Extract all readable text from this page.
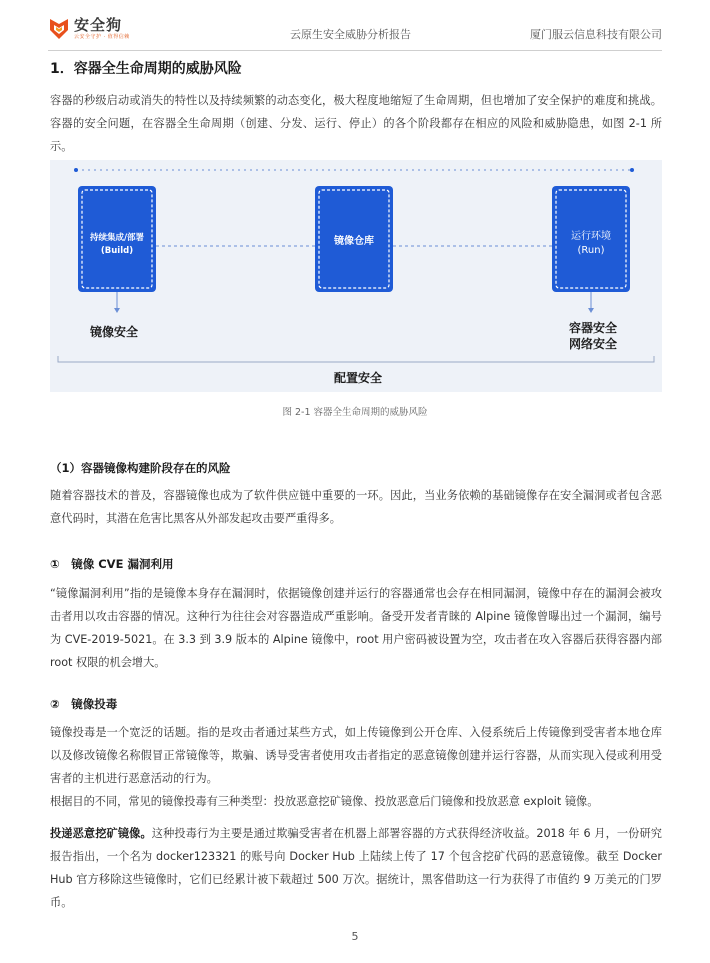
安全狗
云安全守护 · 值得信赖	云原生安全威胁分析报告	厦门服云信息科技有限公司
1．容器全生命周期的威胁风险
容器的秒级启动或消失的特性以及持续频繁的动态变化，极大程度地缩短了生命周期，但也增加了安全保护的难度和挑战。容器的安全问题，在容器全生命周期（创建、分发、运行、停止）的各个阶段都存在相应的风险和威胁隐患，如图 2-1 所示。
持续集成/部署
(Build)
镜像仓库	运行环境
(Run)
镜像安全	容器安全
网络安全
配置安全
图 2-1 容器全生命周期的威胁风险
（1）容器镜像构建阶段存在的风险
随着容器技术的普及，容器镜像也成为了软件供应链中重要的一环。因此，当业务依赖的基础镜像存在安全漏洞或者包含恶意代码时，其潜在危害比黑客从外部发起攻击要严重得多。
①　镜像 CVE 漏洞利用
“镜像漏洞利用”指的是镜像本身存在漏洞时，依据镜像创建并运行的容器通常也会存在相同漏洞，镜像中存在的漏洞会被攻击者用以攻击容器的情况。这种行为往往会对容器造成严重影响。备受开发者青睐的 Alpine 镜像曾曝出过一个漏洞，编号为 CVE-2019-5021。在 3.3 到 3.9 版本的 Alpine 镜像中，root 用户密码被设置为空，攻击者在攻入容器后获得容器内部 root 权限的机会增大。
②　镜像投毒
镜像投毒是一个宽泛的话题。指的是攻击者通过某些方式，如上传镜像到公开仓库、入侵系统后上传镜像到受害者本地仓库以及修改镜像名称假冒正常镜像等，欺骗、诱导受害者使用攻击者指定的恶意镜像创建并运行容器，从而实现入侵或利用受害者的主机进行恶意活动的行为。
根据目的不同，常见的镜像投毒有三种类型：投放恶意挖矿镜像、投放恶意后门镜像和投放恶意 exploit 镜像。
投递恶意挖矿镜像。这种投毒行为主要是通过欺骗受害者在机器上部署容器的方式获得经济收益。2018 年 6 月，一份研究报告指出，一个名为 docker123321 的账号向 Docker Hub 上陆续上传了 17 个包含挖矿代码的恶意镜像。截至 Docker Hub 官方移除这些镜像时，它们已经累计被下载超过 500 万次。据统计，黑客借助这一行为获得了市值约 9 万美元的门罗币。
5
